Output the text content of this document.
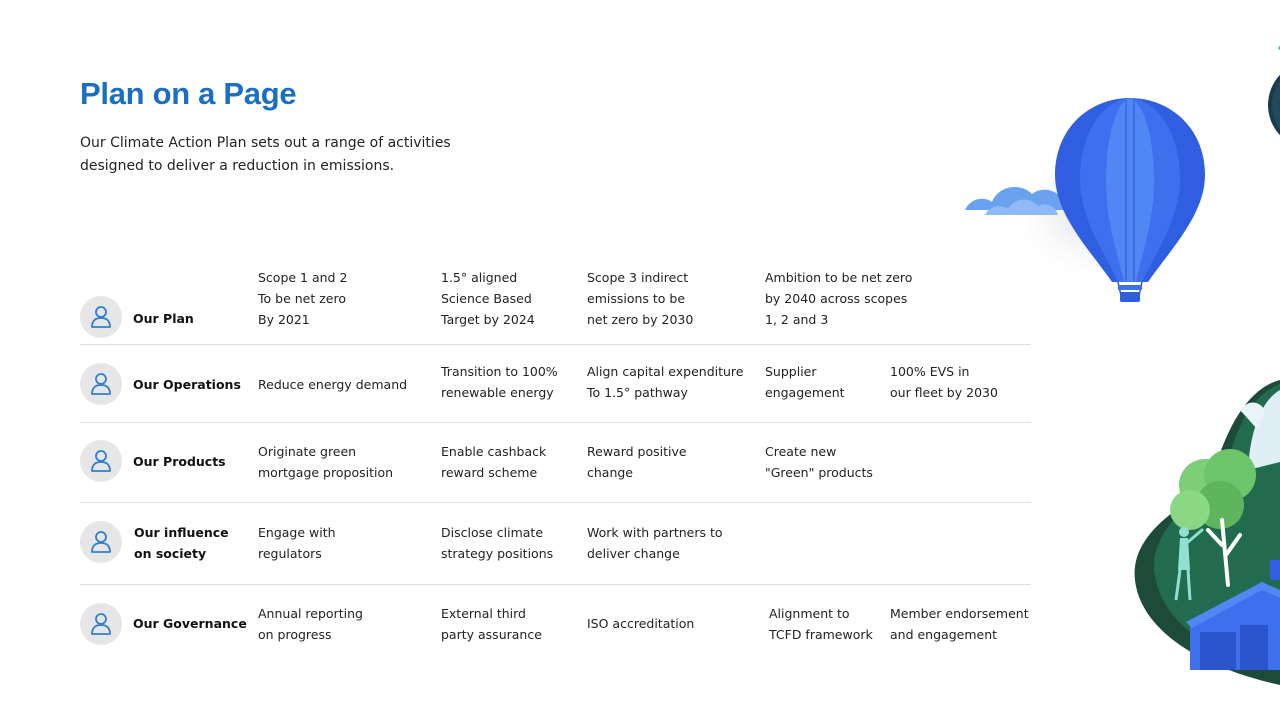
Plan on a Page
Our Climate Action Plan sets out a range of activities designed to deliver a reduction in emissions.
Our Plan
Scope 1 and 2
To be net zero
By 2021
1.5° aligned
Science Based
Target by 2024
Scope 3 indirect
emissions to be
net zero by 2030
Ambition to be net zero
by 2040 across scopes
1, 2 and 3
Our Operations Reduce energy demand
Transition to 100%
renewable energy
Align capital expenditure
To 1.5° pathway
Supplier
engagement
100% EVS in
our fleet by 2030
Our Products
Originate green
mortgage proposition
Enable cashback
reward scheme
Reward positive
change
Create new
"Green" products
Our influence
on society
Engage with
regulators
Disclose climate
strategy positions
Work with partners to
deliver change
Our Governance
Annual reporting
on progress
External third
party assurance
ISO accreditation
Alignment to
TCFD framework
Member endorsement
and engagement
